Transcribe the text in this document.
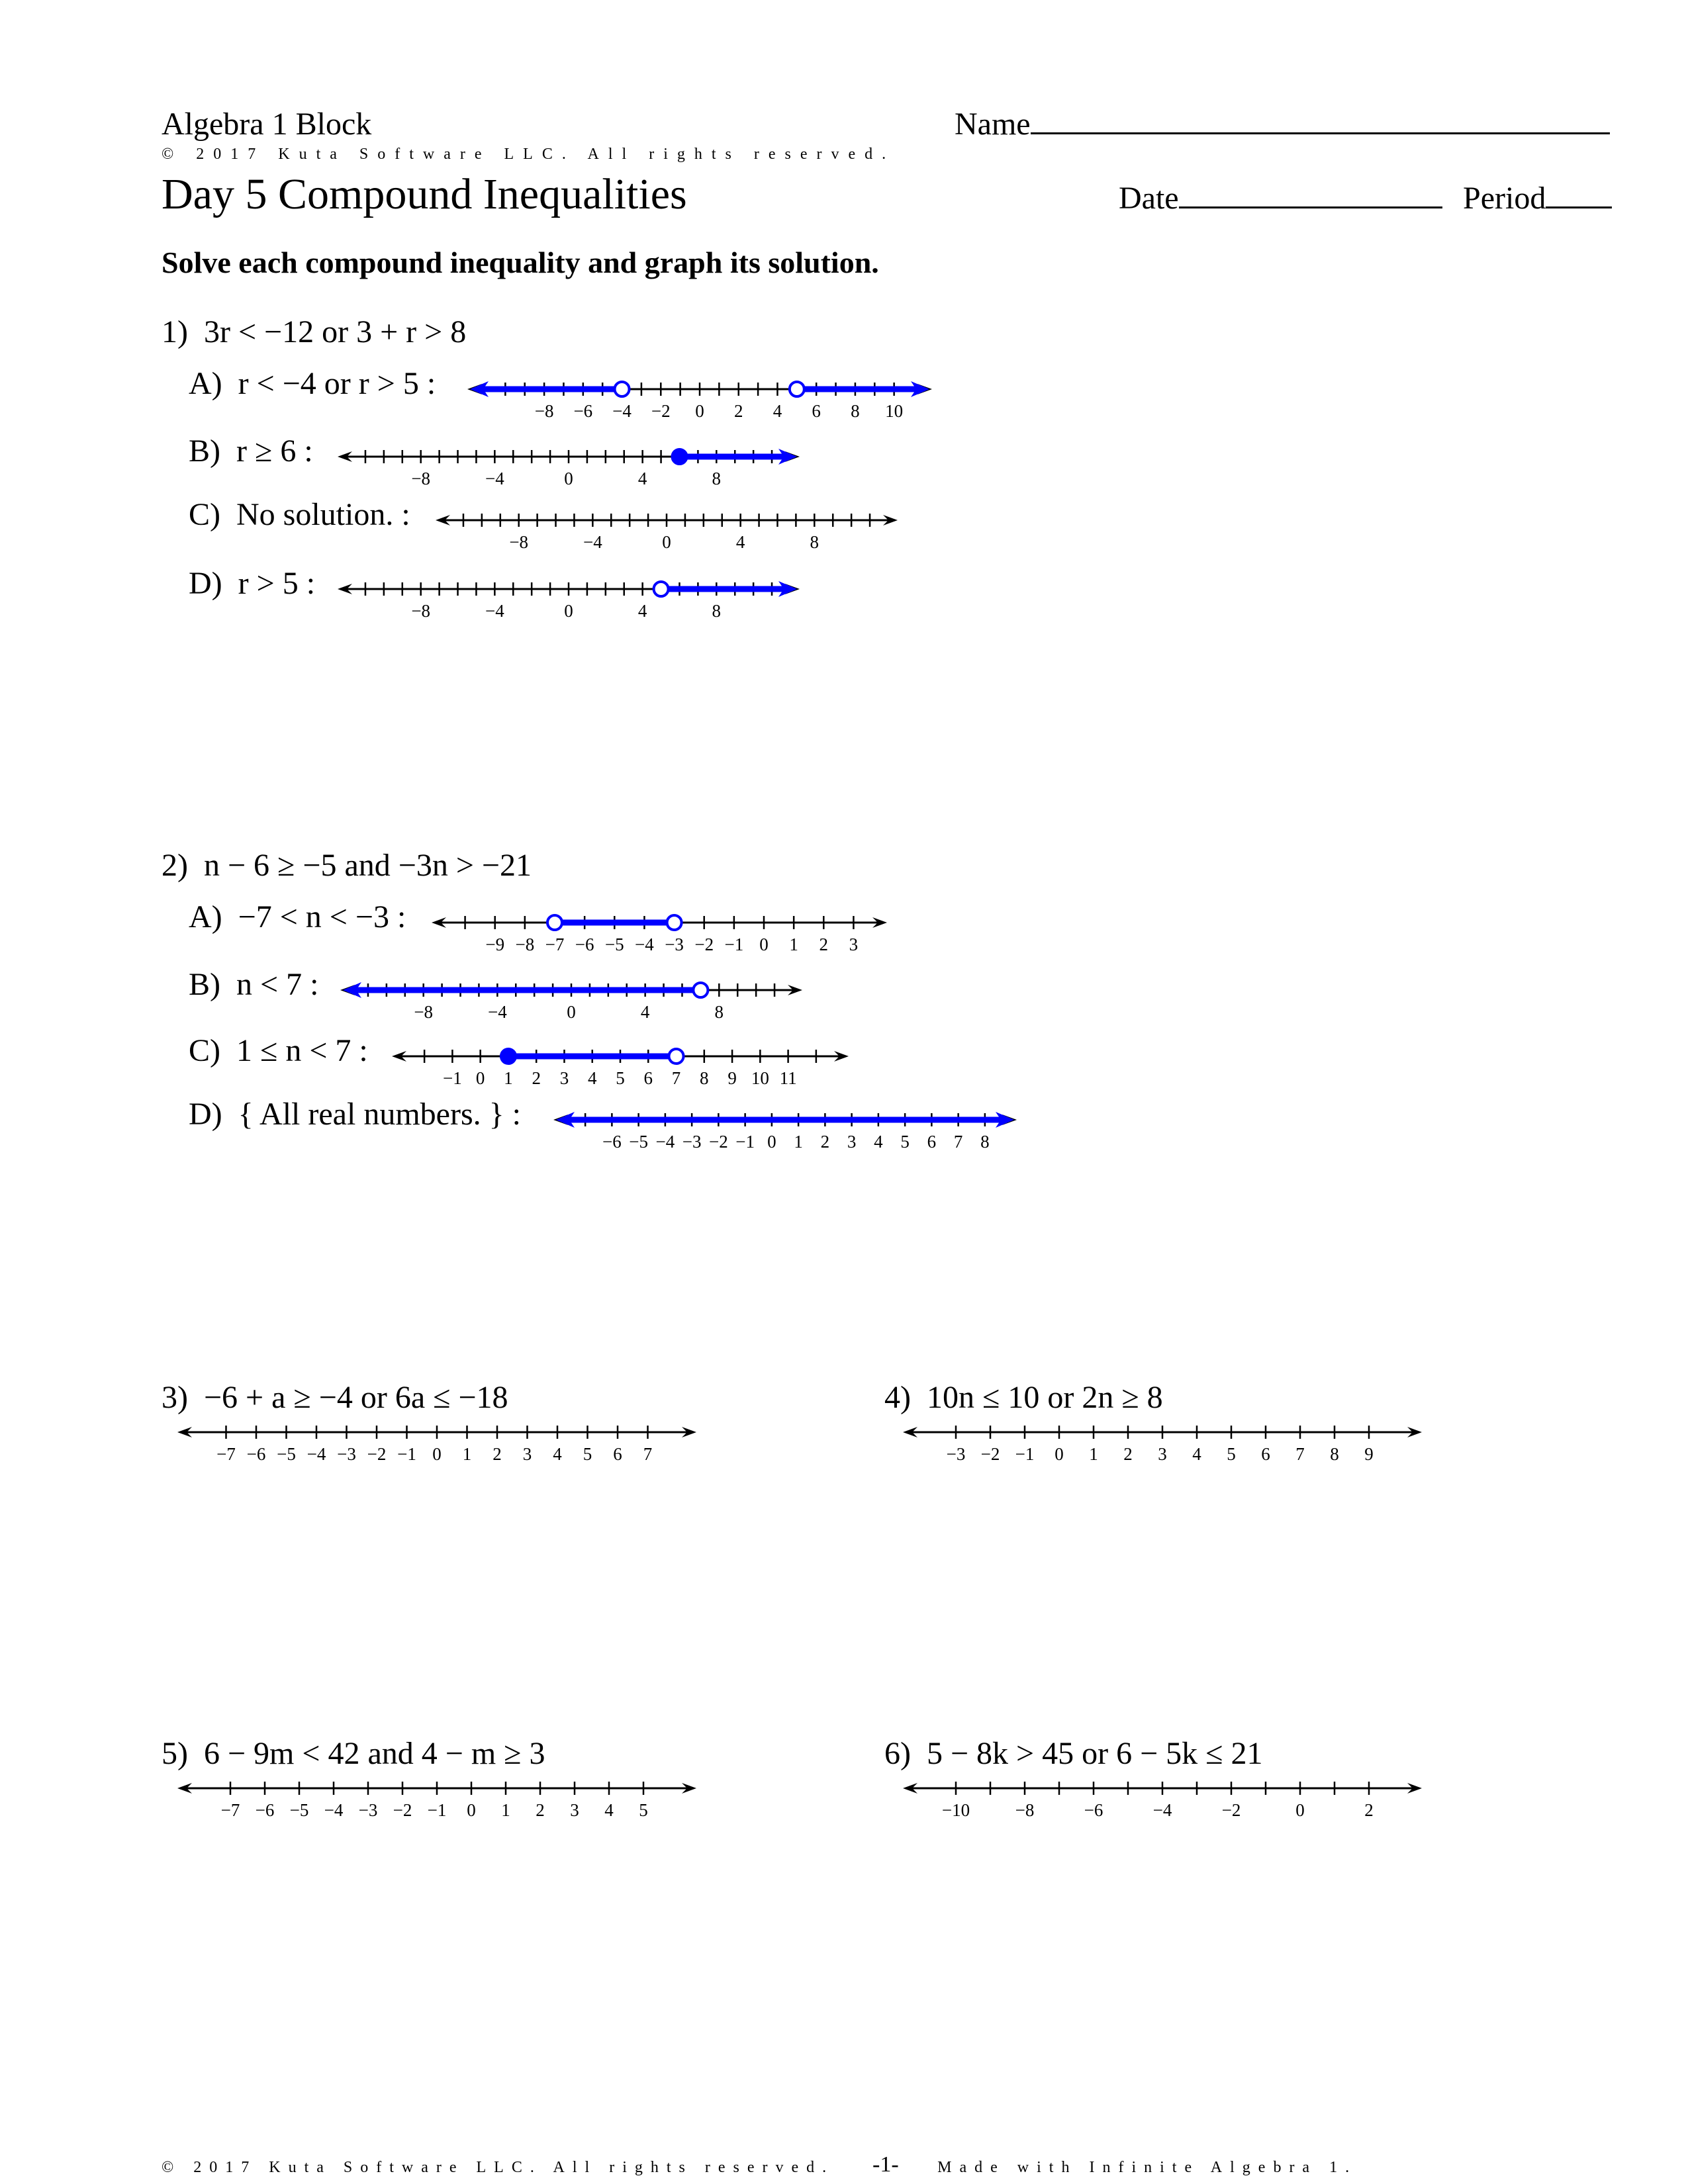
Algebra 1 Block
© 2017 Kuta Software LLC. All rights reserved.
Day 5 Compound Inequalities
Name
Date	Period
Solve each compound inequality and graph its solution.
1) 3r < −12 or 3 + r > 8
A) r < −4 or r > 5 :
−8 −6 −4 −2 0 2 4 6 8 10
B) r ≥ 6 :
−8	−4	0	4	8
C) No solution. :
−8	−4	0	4	8
D) r > 5 :
−8	−4	0	4	8
2) n − 6 ≥ −5 and −3n > −21
A) −7 < n < −3 :
−9 −8 −7 −6 −5 −4 −3 −2 −1 0 1 2 3
B) n < 7 :
−8	−4	0	4	8
C) 1 ≤ n < 7 :
−1 0 1 2 3 4 5 6 7 8 9 10 11
D) { All real numbers. } :
−6 −5 −4 −3 −2 −1 0 1 2 3 4 5 6 7 8
3) −6 + a ≥ −4 or 6a ≤ −18
−7 −6 −5 −4 −3 −2 −1 0 1 2 3 4 5 6 7
4) 10n ≤ 10 or 2n ≥ 8
−3 −2 −1 0 1 2 3 4 5 6 7 8 9
5) 6 − 9m < 42 and 4 − m ≥ 3
−7 −6 −5 −4 −3 −2 −1 0 1 2 3 4 5
6) 5 − 8k > 45 or 6 − 5k ≤ 21
−10	−8	−6	−4	−2	0	2
© 2017 Kuta Software LLC. All rights reserved.	Made with Infinite Algebra 1.
-1-
